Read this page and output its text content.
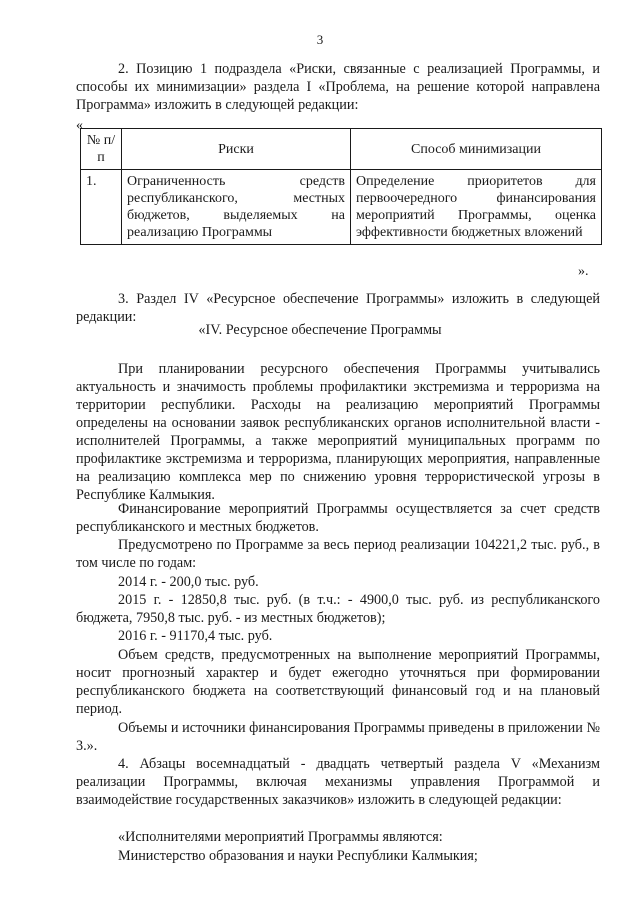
3

2. Позицию 1 подраздела «Риски, связанные с реализацией Программы, и способы их минимизации» раздела I «Проблема, на решение которой направлена Программа» изложить в следующей редакции:

«
№ п/п	Риски	Способ минимизации
1.	Ограниченность средств республиканского, местных бюджетов, выделяемых на реализацию Программы	Определение приоритетов для первоочередного финансирования мероприятий Программы, оценка эффективности бюджетных вложений
».

3. Раздел IV «Ресурсное обеспечение Программы» изложить в следующей редакции:

«IV. Ресурсное обеспечение Программы

При планировании ресурсного обеспечения Программы учитывались актуальность и значимость проблемы профилактики экстремизма и терроризма на территории республики. Расходы на реализацию мероприятий Программы определены на основании заявок республиканских органов исполнительной власти - исполнителей Программы, а также мероприятий муниципальных программ по профилактике экстремизма и терроризма, планирующих мероприятия, направленные на реализацию комплекса мер по снижению уровня террористической угрозы в Республике Калмыкия.

Финансирование мероприятий Программы осуществляется за счет средств республиканского и местных бюджетов.

Предусмотрено по Программе за весь период реализации 104221,2 тыс. руб., в том числе по годам:

2014 г. - 200,0 тыс. руб.

2015 г. - 12850,8 тыс. руб. (в т.ч.: - 4900,0 тыс. руб. из республиканского бюджета, 7950,8 тыс. руб. - из местных бюджетов);

2016 г. - 91170,4 тыс. руб.

Объем средств, предусмотренных на выполнение мероприятий Программы, носит прогнозный характер и будет ежегодно уточняться при формировании республиканского бюджета на соответствующий финансовый год и на плановый период.

Объемы и источники финансирования Программы приведены в приложении № 3.».

4. Абзацы восемнадцатый - двадцать четвертый раздела V «Механизм реализации Программы, включая механизмы управления Программой и взаимодействие государственных заказчиков» изложить в следующей редакции:

«Исполнителями мероприятий Программы являются:

Министерство образования и науки Республики Калмыкия;
